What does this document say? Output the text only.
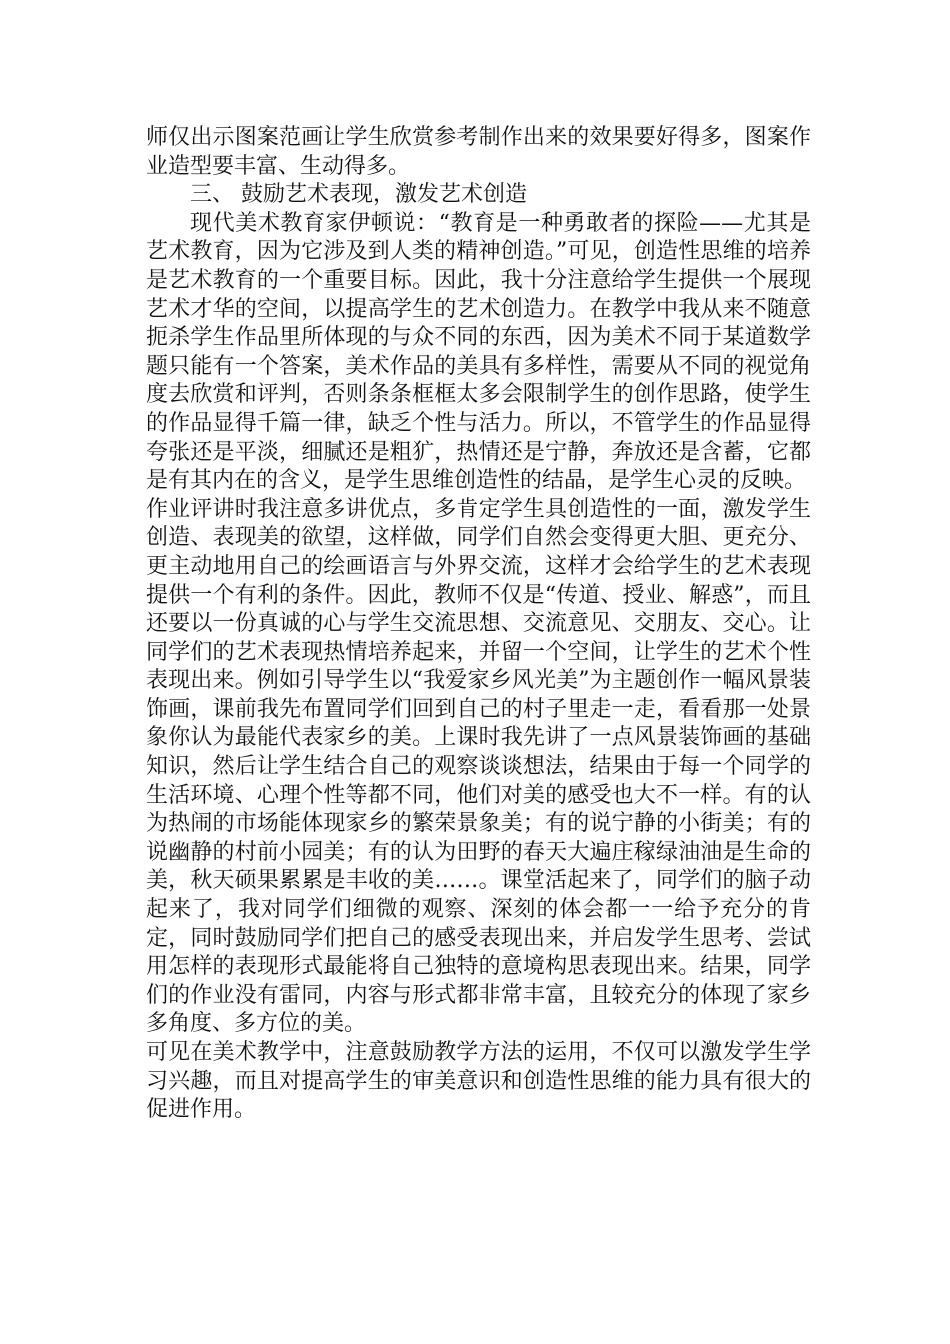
师仅出示图案范画让学生欣赏参考制作出来的效果要好得多，图案作业造型要丰富、生动得多。

三、 鼓励艺术表现，激发艺术创造

现代美术教育家伊顿说：“教育是一种勇敢者的探险——尤其是艺术教育，因为它涉及到人类的精神创造。”可见，创造性思维的培养是艺术教育的一个重要目标。因此，我十分注意给学生提供一个展现艺术才华的空间，以提高学生的艺术创造力。在教学中我从来不随意扼杀学生作品里所体现的与众不同的东西，因为美术不同于某道数学题只能有一个答案，美术作品的美具有多样性，需要从不同的视觉角度去欣赏和评判，否则条条框框太多会限制学生的创作思路，使学生的作品显得千篇一律，缺乏个性与活力。所以，不管学生的作品显得夸张还是平淡，细腻还是粗犷，热情还是宁静，奔放还是含蓄，它都是有其内在的含义，是学生思维创造性的结晶，是学生心灵的反映。

作业评讲时我注意多讲优点，多肯定学生具创造性的一面，激发学生创造、表现美的欲望，这样做，同学们自然会变得更大胆、更充分、更主动地用自己的绘画语言与外界交流，这样才会给学生的艺术表现提供一个有利的条件。因此，教师不仅是“传道、授业、解惑”，而且还要以一份真诚的心与学生交流思想、交流意见、交朋友、交心。让同学们的艺术表现热情培养起来，并留一个空间，让学生的艺术个性表现出来。例如引导学生以“我爱家乡风光美”为主题创作一幅风景装饰画，课前我先布置同学们回到自己的村子里走一走，看看那一处景象你认为最能代表家乡的美。上课时我先讲了一点风景装饰画的基础知识，然后让学生结合自己的观察谈谈想法，结果由于每一个同学的生活环境、心理个性等都不同，他们对美的感受也大不一样。有的认为热闹的市场能体现家乡的繁荣景象美；有的说宁静的小街美；有的说幽静的村前小园美；有的认为田野的春天大遍庄稼绿油油是生命的美，秋天硕果累累是丰收的美……。课堂活起来了，同学们的脑子动起来了，我对同学们细微的观察、深刻的体会都一一给予充分的肯定，同时鼓励同学们把自己的感受表现出来，并启发学生思考、尝试用怎样的表现形式最能将自己独特的意境构思表现出来。结果，同学们的作业没有雷同，内容与形式都非常丰富，且较充分的体现了家乡多角度、多方位的美。

可见在美术教学中，注意鼓励教学方法的运用，不仅可以激发学生学习兴趣，而且对提高学生的审美意识和创造性思维的能力具有很大的促进作用。
